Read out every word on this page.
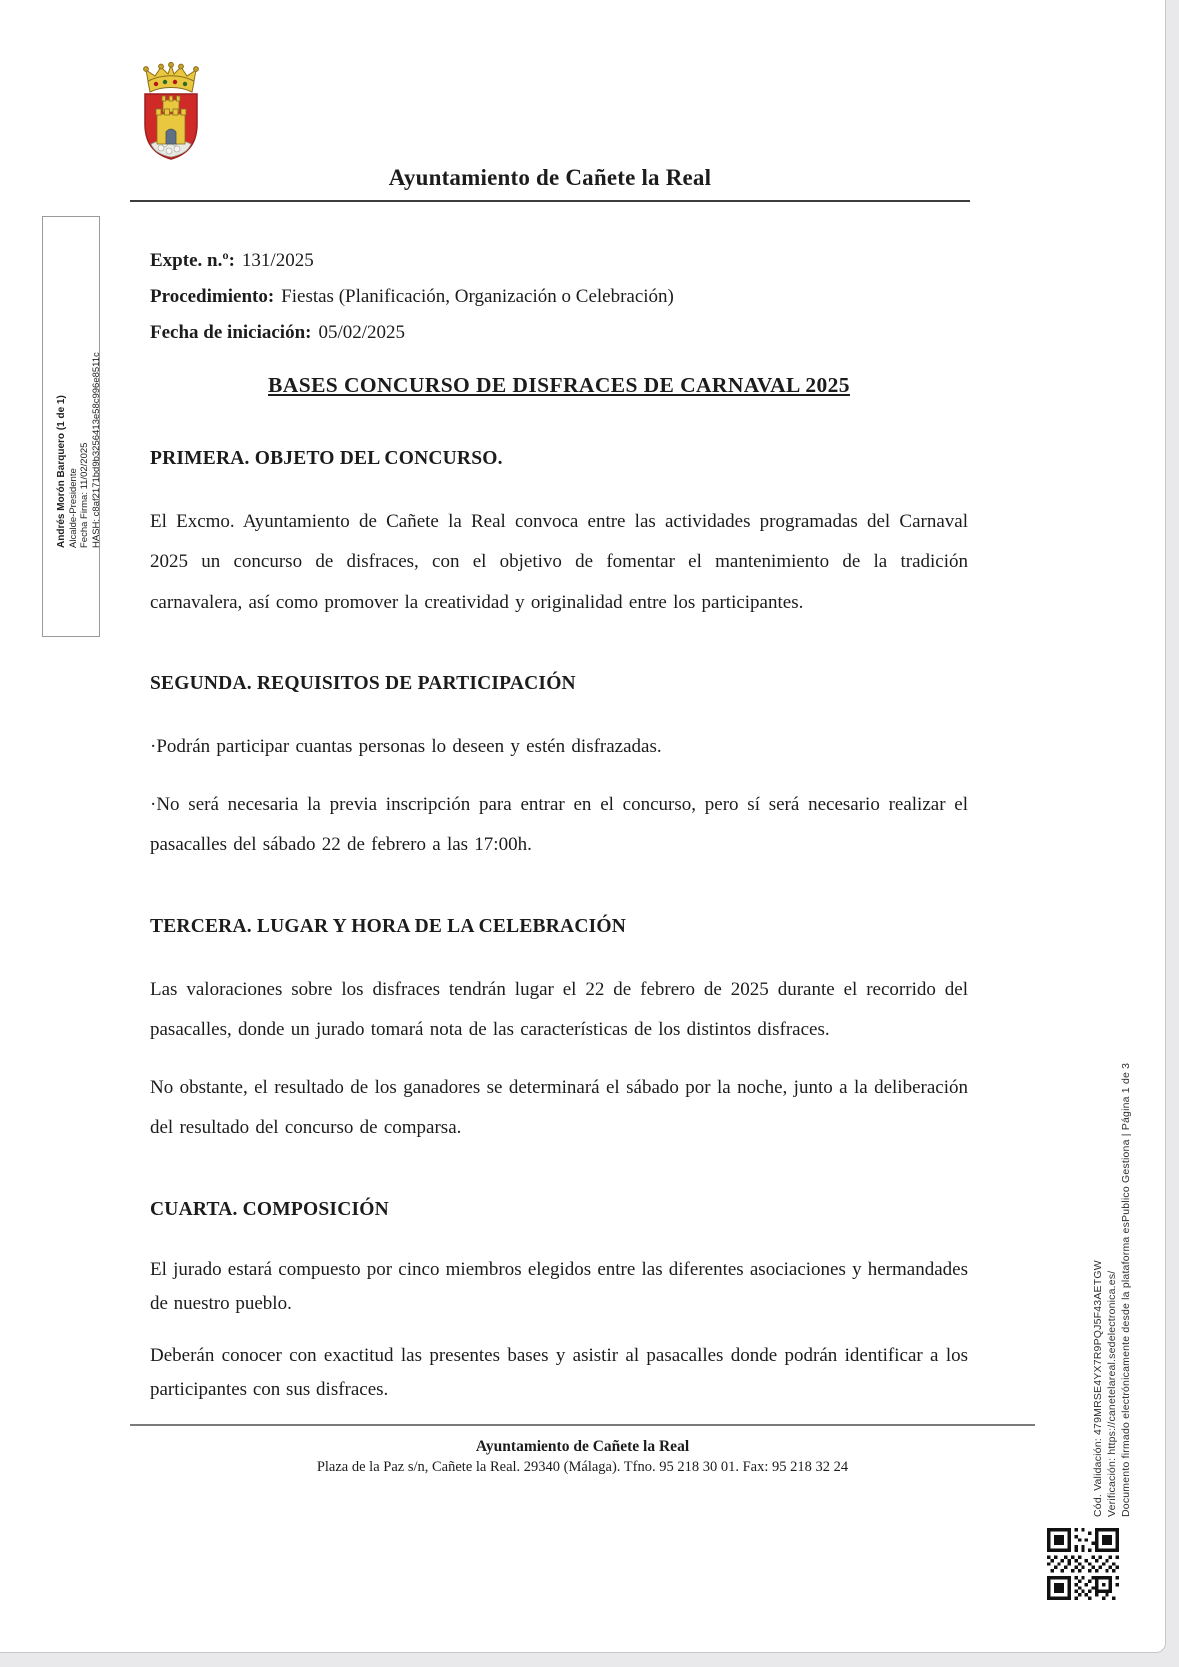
Ayuntamiento de Cañete la Real
Expte. n.º: 131/2025
Procedimiento: Fiestas (Planificación, Organización o Celebración)
Fecha de iniciación: 05/02/2025
BASES CONCURSO DE DISFRACES DE CARNAVAL 2025
PRIMERA. OBJETO DEL CONCURSO.

El Excmo. Ayuntamiento de Cañete la Real convoca entre las actividades programadas del Carnaval 2025 un concurso de disfraces, con el objetivo de fomentar el mantenimiento de la tradición carnavalera, así como promover la creatividad y originalidad entre los participantes.

SEGUNDA. REQUISITOS DE PARTICIPACIÓN

·Podrán participar cuantas personas lo deseen y estén disfrazadas.

·No será necesaria la previa inscripción para entrar en el concurso, pero sí será necesario realizar el pasacalles del sábado 22 de febrero a las 17:00h.

TERCERA. LUGAR Y HORA DE LA CELEBRACIÓN

Las valoraciones sobre los disfraces tendrán lugar el 22 de febrero de 2025 durante el recorrido del pasacalles, donde un jurado tomará nota de las características de los distintos disfraces.

No obstante, el resultado de los ganadores se determinará el sábado por la noche, junto a la deliberación del resultado del concurso de comparsa.

CUARTA. COMPOSICIÓN

El jurado estará compuesto por cinco miembros elegidos entre las diferentes asociaciones y hermandades de nuestro pueblo.

Deberán conocer con exactitud las presentes bases y asistir al pasacalles donde podrán identificar a los participantes con sus disfraces.

Ayuntamiento de Cañete la Real
Plaza de la Paz s/n, Cañete la Real. 29340 (Málaga). Tfno. 95 218 30 01. Fax: 95 218 32 24
Andrés Morón Barquero (1 de 1) Alcalde-Presidente Fecha Firma: 11/02/2025 HASH: c8af2171bd9b3256413e58c996e8511c
Cód. Validación: 479MRSE4YX7R9PQJ5F43AETGW Verificación: https://canetelareal.sedelectronica.es/ Documento firmado electrónicamente desde la plataforma esPublico Gestiona | Página 1 de 3
